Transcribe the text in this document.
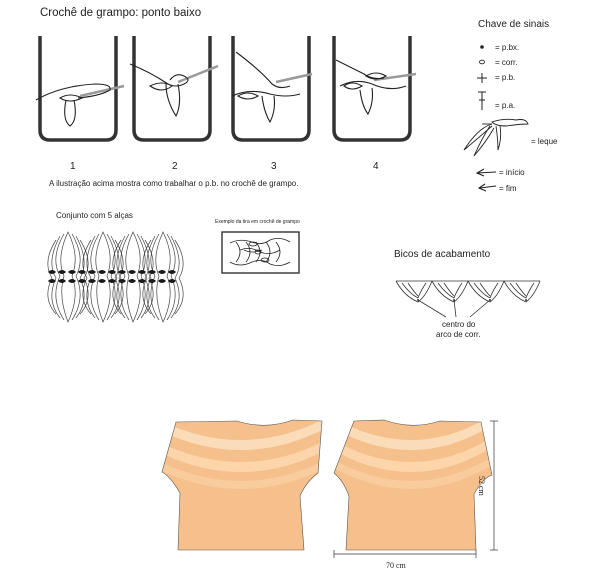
Crochê de grampo: ponto baixo
1	2	3	4
A ilustração acima mostra como trabalhar o p.b. no crochê de grampo.
Chave de sinais
= p.bx.
= corr.
= p.b.
= p.a.
= leque
= início
= fim
Conjunto com 5 alças
Exemplo da tira em crochê de grampo
Bicos de acabamento
centro do
arco de corr.
52 cm
70 cm
